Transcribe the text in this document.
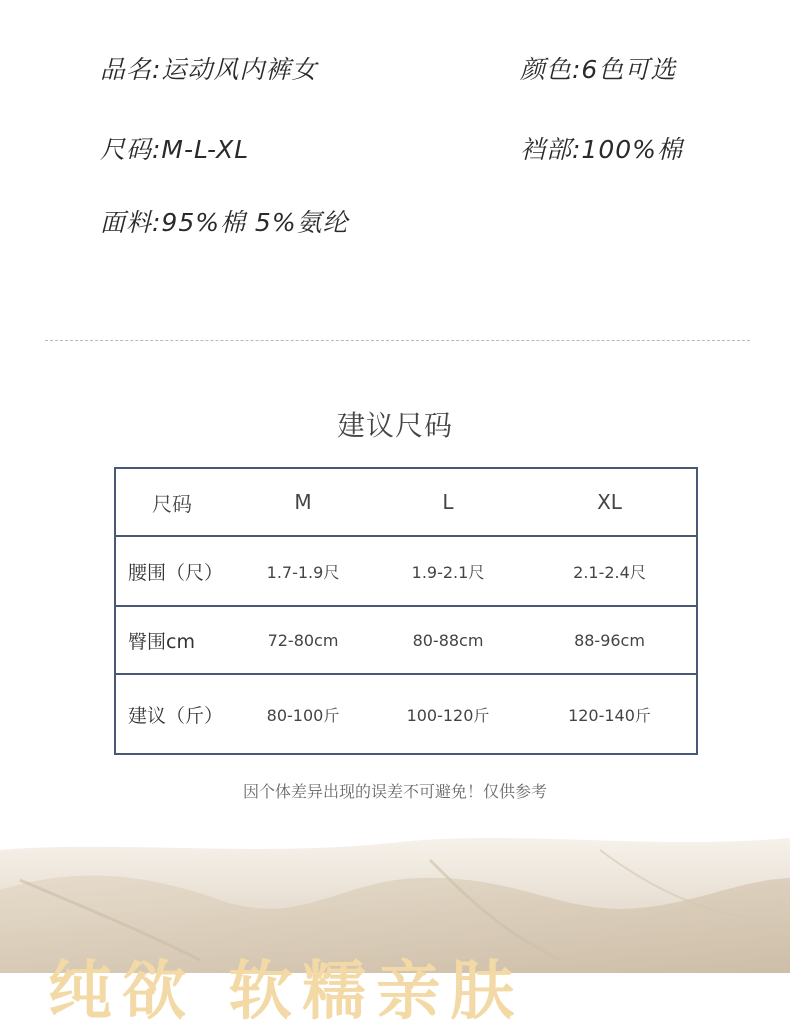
品名:运动风内裤女	颜色:6色可选
尺码:M-L-XL	裆部:100%棉
面料:95%棉 5%氨纶
建议尺码
尺码	M	L	XL
腰围（尺）	1.7-1.9尺	1.9-2.1尺	2.1-2.4尺
臀围cm	72-80cm	80-88cm	88-96cm
建议（斤）	80-100斤	100-120斤	120-140斤
因个体差异出现的误差不可避免！仅供参考
纯欲 软糯亲肤
